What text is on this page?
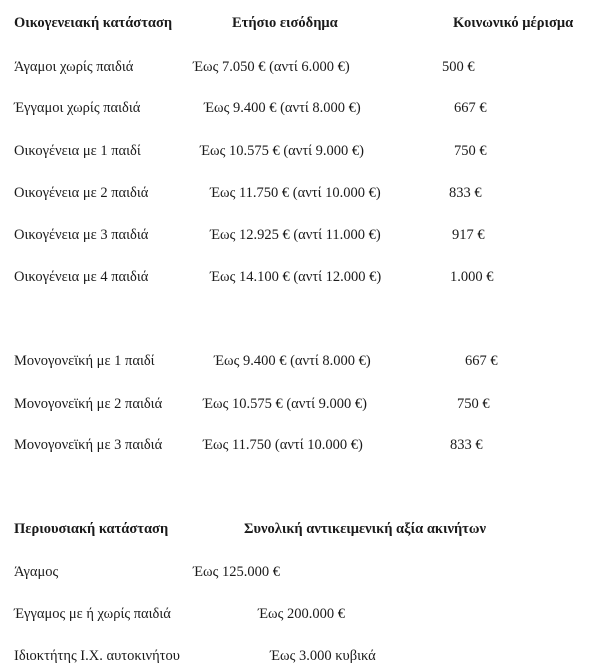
Οικογενειακή κατάσταση	Ετήσιο εισόδημα	Κοινωνικό μέρισμα
Άγαμοι χωρίς παιδιά	Έως 7.050 € (αντί 6.000 €)	500 €
Έγγαμοι χωρίς παιδιά	Έως 9.400 € (αντί 8.000 €)	667 €
Οικογένεια με 1 παιδί	Έως 10.575 € (αντί 9.000 €)	750 €
Οικογένεια με 2 παιδιά	Έως 11.750 € (αντί 10.000 €)	833 €
Οικογένεια με 3 παιδιά	Έως 12.925 € (αντί 11.000 €)	917 €
Οικογένεια με 4 παιδιά	Έως 14.100 € (αντί 12.000 €)	1.000 €
Μονογονεϊκή με 1 παιδί	Έως 9.400 € (αντί 8.000 €)	667 €
Μονογονεϊκή με 2 παιδιά	Έως 10.575 € (αντί 9.000 €)	750 €
Μονογονεϊκή με 3 παιδιά	Έως 11.750 (αντί 10.000 €)	833 €
Περιουσιακή κατάσταση	Συνολική αντικειμενική αξία ακινήτων
Άγαμος	Έως 125.000 €
Έγγαμος με ή χωρίς παιδιά	Έως 200.000 €
Ιδιοκτήτης Ι.Χ. αυτοκινήτου	Έως 3.000 κυβικά
